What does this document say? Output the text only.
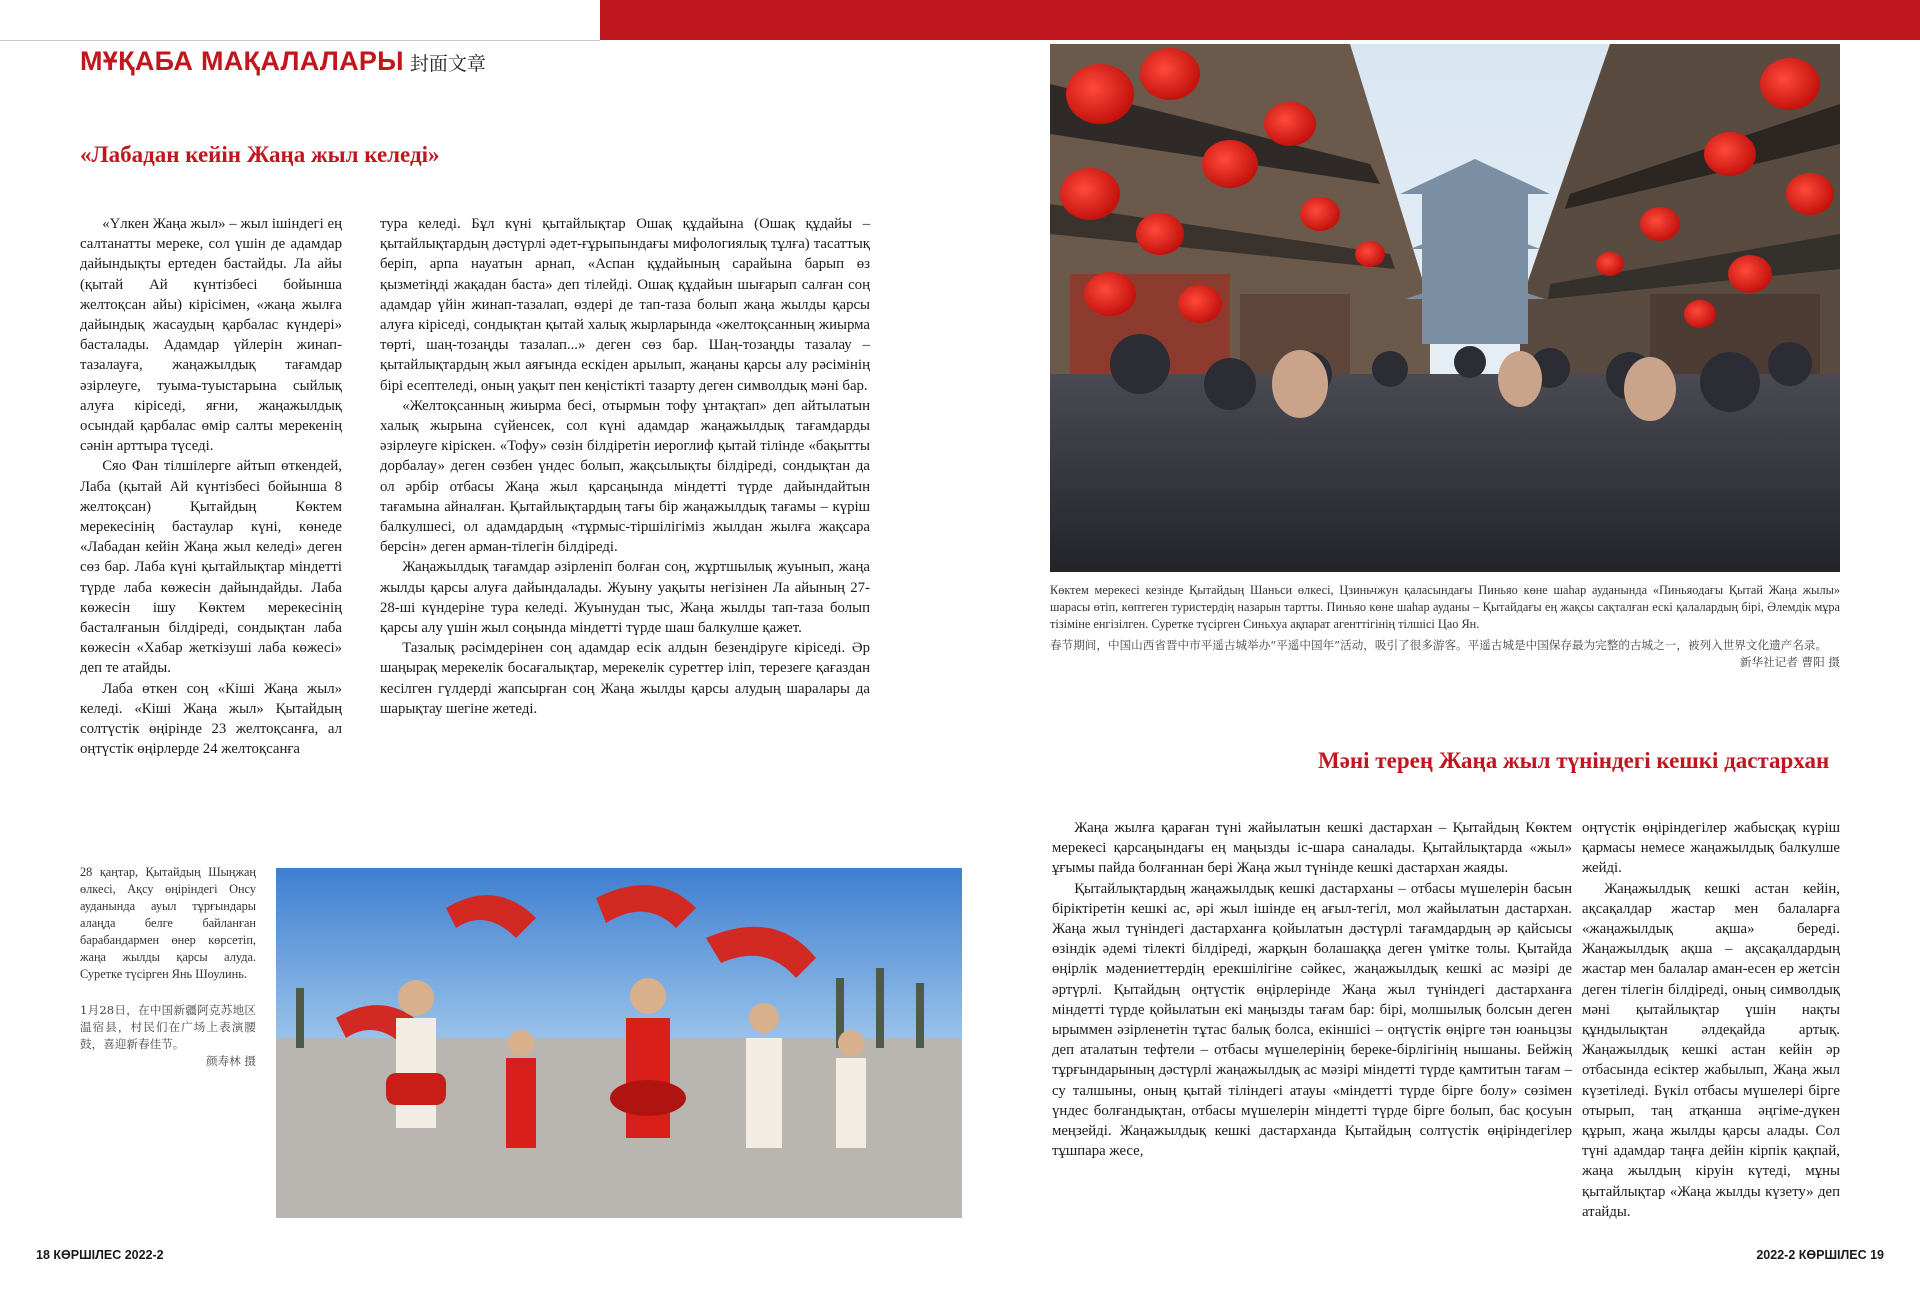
МҰҚАБА МАҚАЛАЛАРЫ 封面文章
«Лабадан кейін Жаңа жыл келеді»

«Үлкен Жаңа жыл» – жыл ішіндегі ең салтанатты мереке, сол үшін де адамдар дайындықты ертеден бастайды. Ла айы (қытай Ай күнтізбесі бойынша желтоқсан айы) кірісімен, «жаңа жылға дайындық жасаудың қарбалас күндері» басталады. Адамдар үйлерін жинап-тазалауға, жаңажылдық тағамдар әзірлеуге, туыма-туыстарына сыйлық алуға кіріседі, яғни, жаңажылдық осындай қарбалас өмір салты мерекенің сәнін арттыра түседі.

Сяо Фан тілшілерге айтып өткендей, Лаба (қытай Ай күнтізбесі бойынша 8 желтоқсан) Қытайдың Көктем мерекесінің бастаулар күні, көнеде «Лабадан кейін Жаңа жыл келеді» деген сөз бар. Лаба күні қытайлықтар міндетті түрде лаба көжесін дайындайды. Лаба көжесін ішу Көктем мерекесінің басталғанын білдіреді, сондықтан лаба көжесін «Хабар жеткізуші лаба көжесі» деп те атайды.

Лаба өткен соң «Кіші Жаңа жыл» келеді. «Кіші Жаңа жыл» Қытайдың солтүстік өңірінде 23 желтоқсанға, ал оңтүстік өңірлерде 24 желтоқсанға

тура келеді. Бұл күні қытайлықтар Ошақ құдайына (Ошақ құдайы – қытайлықтардың дәстүрлі әдет-ғұрыпындағы мифологиялық тұлға) тасаттық беріп, арпа науатын арнап, «Аспан құдайының сарайына барып өз қызметіңді жақадан баста» деп тілейді. Ошақ құдайын шығарып салған соң адамдар үйін жинап-тазалап, өздері де тап-таза болып жаңа жылды қарсы алуға кіріседі, сондықтан қытай халық жырларында «желтоқсанның жиырма төрті, шаң-тозаңды тазалап...» деген сөз бар. Шаң-тозаңды тазалау – қытайлықтардың жыл аяғында ескіден арылып, жаңаны қарсы алу рәсімінің бірі есептеледі, оның уақыт пен кеңістікті тазарту деген символдық мәні бар.

«Желтоқсанның жиырма бесі, отырмын тофу ұнтақтап» деп айтылатын халық жырына сүйенсек, сол күні адамдар жаңажылдық тағамдарды әзірлеуге кіріскен. «Тофу» сөзін білдіретін иероглиф қытай тілінде «бақытты дорбалау» деген сөзбен үндес болып, жақсылықты білдіреді, сондықтан да ол әрбір отбасы Жаңа жыл қарсаңында міндетті түрде дайындайтын тағамына айналған. Қытайлықтардың тағы бір жаңажылдық тағамы – күріш балкулшесі, ол адамдардың «тұрмыс-тіршілігіміз жылдан жылға жақсара берсін» деген арман-тілегін білдіреді.

Жаңажылдық тағамдар әзірленіп болған соң, жұртшылық жуынып, жаңа жылды қарсы алуға дайындалады. Жуыну уақыты негізінен Ла айының 27-28-ші күндеріне тура келеді. Жуынудан тыс, Жаңа жылды тап-таза болып қарсы алу үшін жыл соңында міндетті түрде шаш балкулше қажет.

Тазалық рәсімдерінен соң адамдар есік алдын безендіруге кіріседі. Әр шаңырақ мерекелік босағалықтар, мерекелік суреттер іліп, терезеге қағаздан кесілген гүлдерді жапсырған соң Жаңа жылды қарсы алудың шаралары да шарықтау шегіне жетеді.

Көктем мерекесі кезінде Қытайдың Шаньси өлкесі, Цзиньчжун қаласындағы Пиньяо көне шаһар ауданында «Пиньяодағы Қытай Жаңа жылы» шарасы өтіп, көптеген туристердің назарын тартты. Пиньяо көне шаһар ауданы – Қытайдағы ең жақсы сақталған ескі қалалардың бірі, Әлемдік мұра тізіміне енгізілген. Суретке түсірген Синьхуа ақпарат агенттігінің тілшісі Цао Ян.
春节期间，中国山西省晋中市平遥古城举办“平遥中国年”活动，吸引了很多游客。平遥古城是中国保存最为完整的古城之一，被列入世界文化遗产名录。
新华社记者 曹阳 摄
Мәні терең Жаңа жыл түніндегі кешкі дастархан
28 қаңтар, Қытайдың Шыңжаң өлкесі, Ақсу өңіріндегі Онсу ауданында ауыл тұрғындары алаңда белге байланған барабандармен өнер көрсетіп, жаңа жылды қарсы алуда. Суретке түсірген Янь Шоулинь.
1月28日，在中国新疆阿克苏地区温宿县，村民们在广场上表演腰鼓，喜迎新春佳节。
颜寿林 摄

Жаңа жылға қараған түні жайылатын кешкі дастархан – Қытайдың Көктем мерекесі қарсаңындағы ең маңызды іс-шара саналады. Қытайлықтарда «жыл» ұғымы пайда болғаннан бері Жаңа жыл түнінде кешкі дастархан жаяды.

Қытайлықтардың жаңажылдық кешкі дастарханы – отбасы мүшелерін басын біріктіретін кешкі ас, әрі жыл ішінде ең ағыл-тегіл, мол жайылатын дастархан. Жаңа жыл түніндегі дастарханға қойылатын дәстүрлі тағамдардың әр қайсысы өзіндік әдемі тілекті білдіреді, жарқын болашаққа деген үмітке толы. Қытайда өңірлік мәдениеттердің ерекшілігіне сәйкес, жаңажылдық кешкі ас мәзірі де әртүрлі. Қытайдың оңтүстік өңірлерінде Жаңа жыл түніндегі дастарханға міндетті түрде қойылатын екі маңызды тағам бар: бірі, молшылық болсын деген ырыммен әзірленетін тұтас балық болса, екіншісі – оңтүстік өңірге тән юаньцзы деп аталатын тефтели – отбасы мүшелерінің береке-бірлігінің нышаны. Бейжің тұрғындарының дәстүрлі жаңажылдық ас мәзірі міндетті түрде қамтитын тағам – су талшыны, оның қытай тіліндегі атауы «міндетті түрде бірге болу» сөзімен үндес болғандықтан, отбасы мүшелерін міндетті түрде бірге болып, бас қосуын меңзейді. Жаңажылдық кешкі дастарханда Қытайдың солтүстік өңіріндегілер тұшпара жесе,

оңтүстік өңіріндегілер жабысқақ күріш қармасы немесе жаңажылдық балкулше жейді.

Жаңажылдық кешкі астан кейін, ақсақалдар жастар мен балаларға «жаңажылдық ақша» береді. Жаңажылдық ақша – ақсақалдардың жастар мен балалар аман-есен ер жетсін деген тілегін білдіреді, оның символдық мәні қытайлықтар үшін нақты құндылықтан әлдеқайда артық. Жаңажылдық кешкі астан кейін әр отбасында есіктер жабылып, Жаңа жыл күзетіледі. Бүкіл отбасы мүшелері бірге отырып, таң атқанша әңгіме-дүкен құрып, жаңа жылды қарсы алады. Сол түні адамдар таңға дейін кірпік қақпай, жаңа жылдың кіруін күтеді, мұны қытайлықтар «Жаңа жылды күзету» деп атайды.

18 КӨРШІЛЕС 2022-2	2022-2 КӨРШІЛЕС 19
